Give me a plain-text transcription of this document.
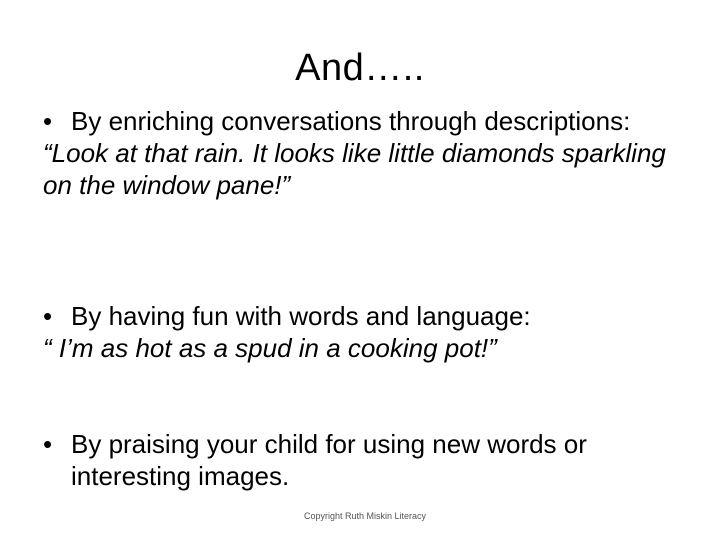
And…..
• By enriching conversations through descriptions:
“Look at that rain. It looks like little diamonds sparkling on the window pane!”
• By having fun with words and language:
“ I’m as hot as a spud in a cooking pot!”
• By praising your child for using new words or interesting images.
Copyright Ruth Miskin Literacy
